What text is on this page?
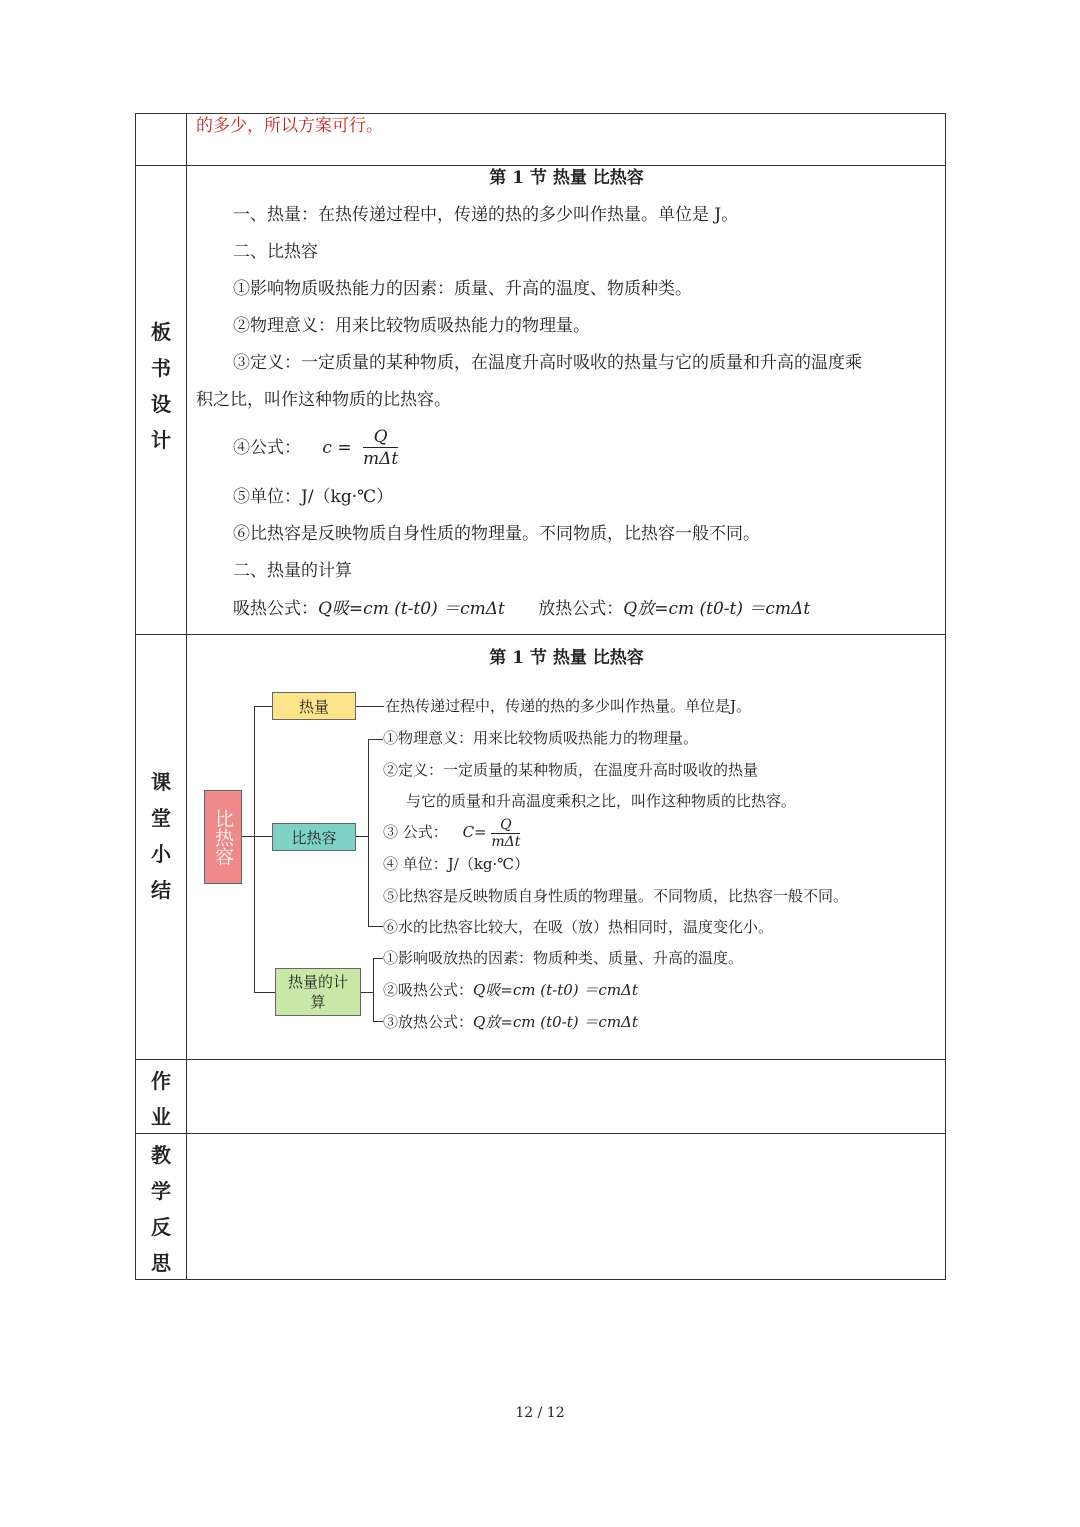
的多少，所以方案可行。
板
书
设
计
第 1 节 热量 比热容
一、热量：在热传递过程中，传递的热的多少叫作热量。单位是 J。
二、比热容
①影响物质吸热能力的因素：质量、升高的温度、物质种类。
②物理意义：用来比较物质吸热能力的物理量。
③定义：一定质量的某种物质，在温度升高时吸收的热量与它的质量和升高的温度乘
积之比，叫作这种物质的比热容。
④公式： $c = \frac{Q}{\text{mΔt}}$
⑤单位：J/（kg·℃）
⑥比热容是反映物质自身性质的物理量。不同物质，比热容一般不同。
二、热量的计算
吸热公式：Q吸=cm (t-t0) ＝cmΔt 放热公式：Q放=cm (t0-t) ＝cmΔt
课
堂
小
结
第 1 节 热量 比热容
比热容
热量
比热容
热量的计算
在热传递过程中，传递的热的多少叫作热量。单位是J。
①物理意义：用来比较物质吸热能力的物理量。
②定义：一定质量的某种物质，在温度升高时吸收的热量
与它的质量和升高温度乘积之比，叫作这种物质的比热容。
③ 公式： $C= \frac{Q}{\text{mΔt}}$
④ 单位：J/（kg·℃）
⑤比热容是反映物质自身性质的物理量。不同物质，比热容一般不同。
⑥水的比热容比较大，在吸（放）热相同时，温度变化小。
①影响吸放热的因素：物质种类、质量、升高的温度。
②吸热公式：Q吸=cm (t-t0) ＝cmΔt
③放热公式：Q放=cm (t0-t) ＝cmΔt
作
业
教
学
反
思
12 / 12
